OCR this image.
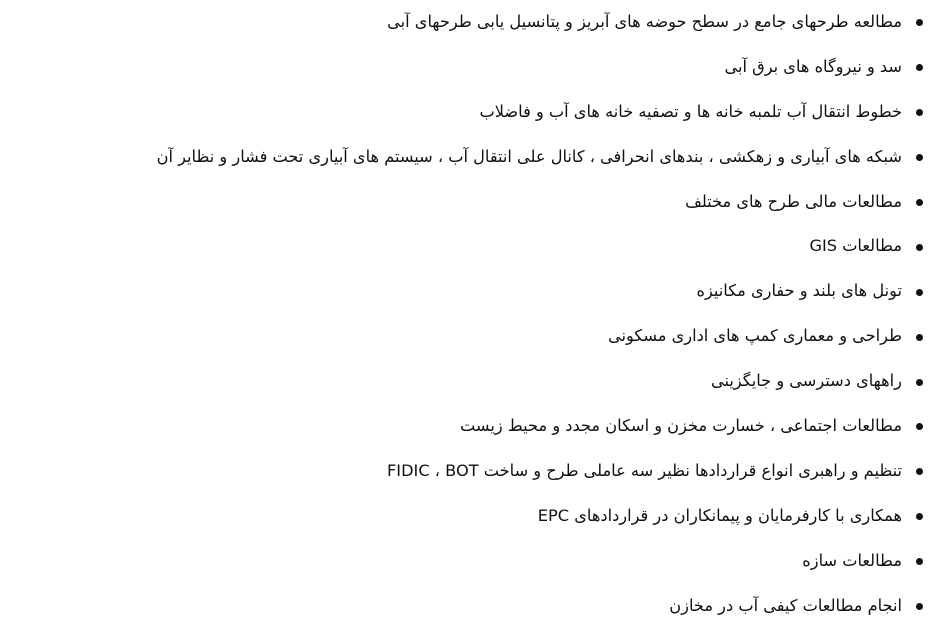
مطالعه طرحهای جامع در سطح حوضه های آبریز و پتانسیل یابی طرحهای آبی
سد و نیروگاه های برق آبی
خطوط انتقال آب تلمبه خانه ها و تصفیه خانه های آب و فاضلاب
شبکه های آبیاری و زهکشی ، بندهای انحرافی ، کانال علی انتقال آب ، سیستم های آبیاری تحت فشار و نظایر آن
مطالعات مالی طرح های مختلف
مطالعات GIS
تونل های بلند و حفاری مکانیزه
طراحی و معماری کمپ های اداری مسکونی
راههای دسترسی و جایگزینی
مطالعات اجتماعی ، خسارت مخزن و اسکان مجدد و محیط زیست
تنظیم و راهبری انواع قراردادها نظیر سه عاملی طرح و ساخت FIDIC ، BOT
همکاری با کارفرمایان و پیمانکاران در قراردادهای EPC
مطالعات سازه
انجام مطالعات کیفی آب در مخازن
